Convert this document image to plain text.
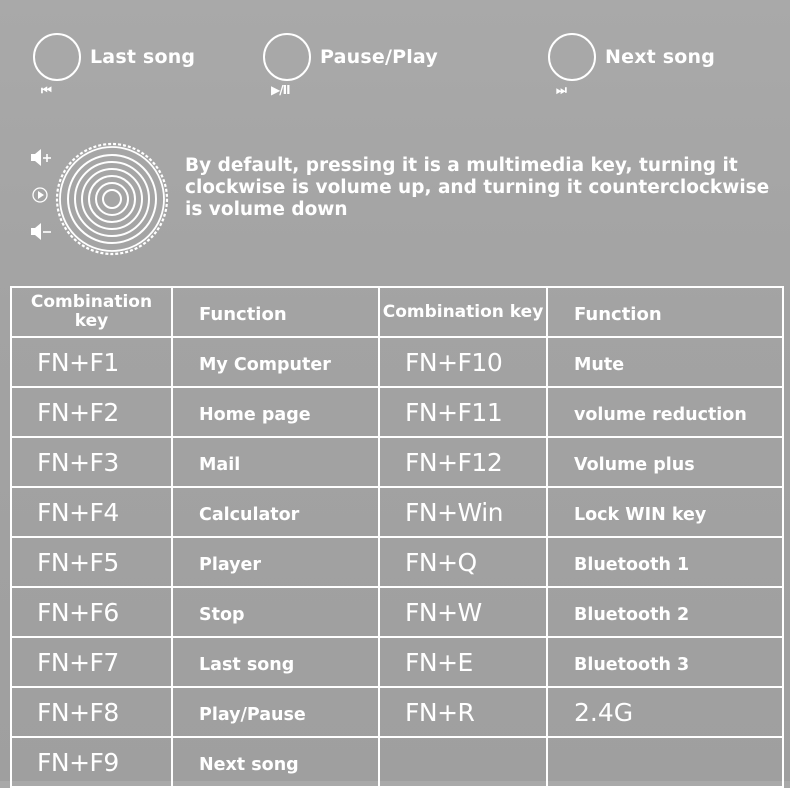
Last song
⏮
Pause/Play
▶/II
Next song
⏭
By default, pressing it is a multimedia key, turning it clockwise is volume up, and turning it counterclockwise is volume down
Combination key	Function	Combination key	Function
FN+F1	My Computer	FN+F10	Mute
FN+F2	Home page	FN+F11	volume reduction
FN+F3	Mail	FN+F12	Volume plus
FN+F4	Calculator	FN+Win	Lock WIN key
FN+F5	Player	FN+Q	Bluetooth 1
FN+F6	Stop	FN+W	Bluetooth 2
FN+F7	Last song	FN+E	Bluetooth 3
FN+F8	Play/Pause	FN+R	2.4G
FN+F9	Next song		
